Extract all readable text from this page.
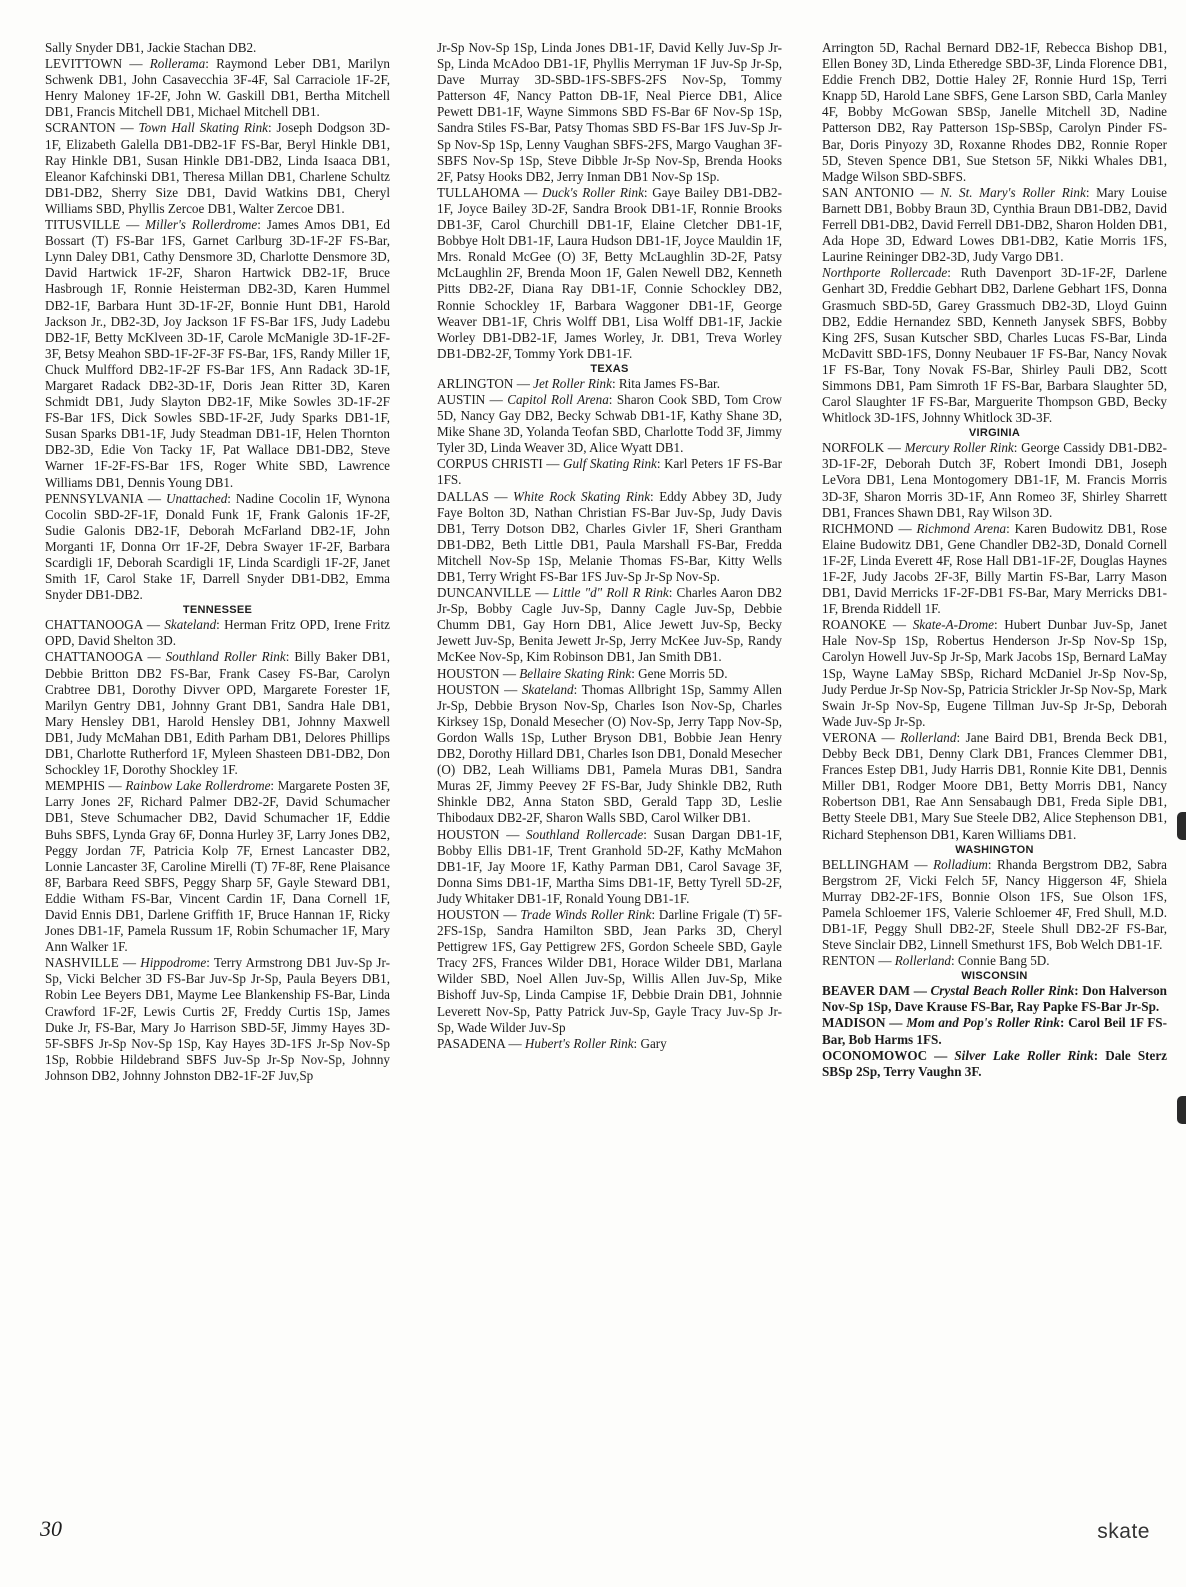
Sally Snyder DB1, Jackie Stachan DB2.

LEVITTOWN — Rollerama: Raymond Leber DB1, Marilyn Schwenk DB1, John Casavecchia 3F-4F, Sal Carraciole 1F-2F, Henry Maloney 1F-2F, John W. Gaskill DB1, Bertha Mitchell DB1, Francis Mitchell DB1, Michael Mitchell DB1.

SCRANTON — Town Hall Skating Rink: Joseph Dodgson 3D-1F, Elizabeth Galella DB1-DB2-1F FS-Bar, Beryl Hinkle DB1, Ray Hinkle DB1, Susan Hinkle DB1-DB2, Linda Isaaca DB1, Eleanor Kafchinski DB1, Theresa Millan DB1, Charlene Schultz DB1-DB2, Sherry Size DB1, David Watkins DB1, Cheryl Williams SBD, Phyllis Zercoe DB1, Walter Zercoe DB1.

TITUSVILLE — Miller's Rollerdrome: James Amos DB1, Ed Bossart (T) FS-Bar 1FS, Garnet Carlburg 3D-1F-2F FS-Bar, Lynn Daley DB1, Cathy Densmore 3D, Charlotte Densmore 3D, David Hartwick 1F-2F, Sharon Hartwick DB2-1F, Bruce Hasbrough 1F, Ronnie Heisterman DB2-3D, Karen Hummel DB2-1F, Barbara Hunt 3D-1F-2F, Bonnie Hunt DB1, Harold Jackson Jr., DB2-3D, Joy Jackson 1F FS-Bar 1FS, Judy Ladebu DB2-1F, Betty McKlveen 3D-1F, Carole McManigle 3D-1F-2F-3F, Betsy Meahon SBD-1F-2F-3F FS-Bar, 1FS, Randy Miller 1F, Chuck Mulfford DB2-1F-2F FS-Bar 1FS, Ann Radack 3D-1F, Margaret Radack DB2-3D-1F, Doris Jean Ritter 3D, Karen Schmidt DB1, Judy Slayton DB2-1F, Mike Sowles 3D-1F-2F FS-Bar 1FS, Dick Sowles SBD-1F-2F, Judy Sparks DB1-1F, Susan Sparks DB1-1F, Judy Steadman DB1-1F, Helen Thornton DB2-3D, Edie Von Tacky 1F, Pat Wallace DB1-DB2, Steve Warner 1F-2F-FS-Bar 1FS, Roger White SBD, Lawrence Williams DB1, Dennis Young DB1.

PENNSYLVANIA — Unattached: Nadine Cocolin 1F, Wynona Cocolin SBD-2F-1F, Donald Funk 1F, Frank Galonis 1F-2F, Sudie Galonis DB2-1F, Deborah McFarland DB2-1F, John Morganti 1F, Donna Orr 1F-2F, Debra Swayer 1F-2F, Barbara Scardigli 1F, Deborah Scardigli 1F, Linda Scardigli 1F-2F, Janet Smith 1F, Carol Stake 1F, Darrell Snyder DB1-DB2, Emma Snyder DB1-DB2.

TENNESSEE

CHATTANOOGA — Skateland: Herman Fritz OPD, Irene Fritz OPD, David Shelton 3D.

CHATTANOOGA — Southland Roller Rink: Billy Baker DB1, Debbie Britton DB2 FS-Bar, Frank Casey FS-Bar, Carolyn Crabtree DB1, Dorothy Divver OPD, Margarete Forester 1F, Marilyn Gentry DB1, Johnny Grant DB1, Sandra Hale DB1, Mary Hensley DB1, Harold Hensley DB1, Johnny Maxwell DB1, Judy McMahan DB1, Edith Parham DB1, Delores Phillips DB1, Charlotte Rutherford 1F, Myleen Shasteen DB1-DB2, Don Schockley 1F, Dorothy Shockley 1F.

MEMPHIS — Rainbow Lake Rollerdrome: Margarete Posten 3F, Larry Jones 2F, Richard Palmer DB2-2F, David Schumacher DB1, Steve Schumacher DB2, David Schumacher 1F, Eddie Buhs SBFS, Lynda Gray 6F, Donna Hurley 3F, Larry Jones DB2, Peggy Jordan 7F, Patricia Kolp 7F, Ernest Lancaster DB2, Lonnie Lancaster 3F, Caroline Mirelli (T) 7F-8F, Rene Plaisance 8F, Barbara Reed SBFS, Peggy Sharp 5F, Gayle Steward DB1, Eddie Witham FS-Bar, Vincent Cardin 1F, Dana Cornell 1F, David Ennis DB1, Darlene Griffith 1F, Bruce Hannan 1F, Ricky Jones DB1-1F, Pamela Russum 1F, Robin Schumacher 1F, Mary Ann Walker 1F.

NASHVILLE — Hippodrome: Terry Armstrong DB1 Juv-Sp Jr-Sp, Vicki Belcher 3D FS-Bar Juv-Sp Jr-Sp, Paula Beyers DB1, Robin Lee Beyers DB1, Mayme Lee Blankenship FS-Bar, Linda Crawford 1F-2F, Lewis Curtis 2F, Freddy Curtis 1Sp, James Duke Jr, FS-Bar, Mary Jo Harrison SBD-5F, Jimmy Hayes 3D-5F-SBFS Jr-Sp Nov-Sp 1Sp, Kay Hayes 3D-1FS Jr-Sp Nov-Sp 1Sp, Robbie Hildebrand SBFS Juv-Sp Jr-Sp Nov-Sp, Johnny Johnson DB2, Johnny Johnston DB2-1F-2F Juv,Sp

Jr-Sp Nov-Sp 1Sp, Linda Jones DB1-1F, David Kelly Juv-Sp Jr-Sp, Linda McAdoo DB1-1F, Phyllis Merryman 1F Juv-Sp Jr-Sp, Dave Murray 3D-SBD-1FS-SBFS-2FS Nov-Sp, Tommy Patterson 4F, Nancy Patton DB-1F, Neal Pierce DB1, Alice Pewett DB1-1F, Wayne Simmons SBD FS-Bar 6F Nov-Sp 1Sp, Sandra Stiles FS-Bar, Patsy Thomas SBD FS-Bar 1FS Juv-Sp Jr-Sp Nov-Sp 1Sp, Lenny Vaughan SBFS-2FS, Margo Vaughan 3F-SBFS Nov-Sp 1Sp, Steve Dibble Jr-Sp Nov-Sp, Brenda Hooks 2F, Patsy Hooks DB2, Jerry Inman DB1 Nov-Sp 1Sp.

TULLAHOMA — Duck's Roller Rink: Gaye Bailey DB1-DB2-1F, Joyce Bailey 3D-2F, Sandra Brook DB1-1F, Ronnie Brooks DB1-3F, Carol Churchill DB1-1F, Elaine Cletcher DB1-1F, Bobbye Holt DB1-1F, Laura Hudson DB1-1F, Joyce Mauldin 1F, Mrs. Ronald McGee (O) 3F, Betty McLaughlin 3D-2F, Patsy McLaughlin 2F, Brenda Moon 1F, Galen Newell DB2, Kenneth Pitts DB2-2F, Diana Ray DB1-1F, Connie Schockley DB2, Ronnie Schockley 1F, Barbara Waggoner DB1-1F, George Weaver DB1-1F, Chris Wolff DB1, Lisa Wolff DB1-1F, Jackie Worley DB1-DB2-1F, James Worley, Jr. DB1, Treva Worley DB1-DB2-2F, Tommy York DB1-1F.

TEXAS

ARLINGTON — Jet Roller Rink: Rita James FS-Bar.

AUSTIN — Capitol Roll Arena: Sharon Cook SBD, Tom Crow 5D, Nancy Gay DB2, Becky Schwab DB1-1F, Kathy Shane 3D, Mike Shane 3D, Yolanda Teofan SBD, Charlotte Todd 3F, Jimmy Tyler 3D, Linda Weaver 3D, Alice Wyatt DB1.

CORPUS CHRISTI — Gulf Skating Rink: Karl Peters 1F FS-Bar 1FS.

DALLAS — White Rock Skating Rink: Eddy Abbey 3D, Judy Faye Bolton 3D, Nathan Christian FS-Bar Juv-Sp, Judy Davis DB1, Terry Dotson DB2, Charles Givler 1F, Sheri Grantham DB1-DB2, Beth Little DB1, Paula Marshall FS-Bar, Fredda Mitchell Nov-Sp 1Sp, Melanie Thomas FS-Bar, Kitty Wells DB1, Terry Wright FS-Bar 1FS Juv-Sp Jr-Sp Nov-Sp.

DUNCANVILLE — Little "d" Roll R Rink: Charles Aaron DB2 Jr-Sp, Bobby Cagle Juv-Sp, Danny Cagle Juv-Sp, Debbie Chumm DB1, Gay Horn DB1, Alice Jewett Juv-Sp, Becky Jewett Juv-Sp, Benita Jewett Jr-Sp, Jerry McKee Juv-Sp, Randy McKee Nov-Sp, Kim Robinson DB1, Jan Smith DB1.

HOUSTON — Bellaire Skating Rink: Gene Morris 5D.

HOUSTON — Skateland: Thomas Allbright 1Sp, Sammy Allen Jr-Sp, Debbie Bryson Nov-Sp, Charles Ison Nov-Sp, Charles Kirksey 1Sp, Donald Mesecher (O) Nov-Sp, Jerry Tapp Nov-Sp, Gordon Walls 1Sp, Luther Bryson DB1, Bobbie Jean Henry DB2, Dorothy Hillard DB1, Charles Ison DB1, Donald Mesecher (O) DB2, Leah Williams DB1, Pamela Muras DB1, Sandra Muras 2F, Jimmy Peevey 2F FS-Bar, Judy Shinkle DB2, Ruth Shinkle DB2, Anna Staton SBD, Gerald Tapp 3D, Leslie Thibodaux DB2-2F, Sharon Walls SBD, Carol Wilker DB1.

HOUSTON — Southland Rollercade: Susan Dargan DB1-1F, Bobby Ellis DB1-1F, Trent Granhold 5D-2F, Kathy McMahon DB1-1F, Jay Moore 1F, Kathy Parman DB1, Carol Savage 3F, Donna Sims DB1-1F, Martha Sims DB1-1F, Betty Tyrell 5D-2F, Judy Whitaker DB1-1F, Ronald Young DB1-1F.

HOUSTON — Trade Winds Roller Rink: Darline Frigale (T) 5F-2FS-1Sp, Sandra Hamilton SBD, Jean Parks 3D, Cheryl Pettigrew 1FS, Gay Pettigrew 2FS, Gordon Scheele SBD, Gayle Tracy 2FS, Frances Wilder DB1, Horace Wilder DB1, Marlana Wilder SBD, Noel Allen Juv-Sp, Willis Allen Juv-Sp, Mike Bishoff Juv-Sp, Linda Campise 1F, Debbie Drain DB1, Johnnie Leverett Nov-Sp, Patty Patrick Juv-Sp, Gayle Tracy Juv-Sp Jr-Sp, Wade Wilder Juv-Sp

PASADENA — Hubert's Roller Rink: Gary

Arrington 5D, Rachal Bernard DB2-1F, Rebecca Bishop DB1, Ellen Boney 3D, Linda Etheredge SBD-3F, Linda Florence DB1, Eddie French DB2, Dottie Haley 2F, Ronnie Hurd 1Sp, Terri Knapp 5D, Harold Lane SBFS, Gene Larson SBD, Carla Manley 4F, Bobby McGowan SBSp, Janelle Mitchell 3D, Nadine Patterson DB2, Ray Patterson 1Sp-SBSp, Carolyn Pinder FS-Bar, Doris Pinyozy 3D, Roxanne Rhodes DB2, Ronnie Roper 5D, Steven Spence DB1, Sue Stetson 5F, Nikki Whales DB1, Madge Wilson SBD-SBFS.

SAN ANTONIO — N. St. Mary's Roller Rink: Mary Louise Barnett DB1, Bobby Braun 3D, Cynthia Braun DB1-DB2, David Ferrell DB1-DB2, David Ferrell DB1-DB2, Sharon Holden DB1, Ada Hope 3D, Edward Lowes DB1-DB2, Katie Morris 1FS, Laurine Reininger DB2-3D, Judy Vargo DB1.

Northporte Rollercade: Ruth Davenport 3D-1F-2F, Darlene Genhart 3D, Freddie Gebhart DB2, Darlene Gebhart 1FS, Donna Grasmuch SBD-5D, Garey Grassmuch DB2-3D, Lloyd Guinn DB2, Eddie Hernandez SBD, Kenneth Janysek SBFS, Bobby King 2FS, Susan Kutscher SBD, Charles Lucas FS-Bar, Linda McDavitt SBD-1FS, Donny Neubauer 1F FS-Bar, Nancy Novak 1F FS-Bar, Tony Novak FS-Bar, Shirley Pauli DB2, Scott Simmons DB1, Pam Simroth 1F FS-Bar, Barbara Slaughter 5D, Carol Slaughter 1F FS-Bar, Marguerite Thompson GBD, Becky Whitlock 3D-1FS, Johnny Whitlock 3D-3F.

VIRGINIA

NORFOLK — Mercury Roller Rink: George Cassidy DB1-DB2-3D-1F-2F, Deborah Dutch 3F, Robert Imondi DB1, Joseph LeVora DB1, Lena Montogomery DB1-1F, M. Francis Morris 3D-3F, Sharon Morris 3D-1F, Ann Romeo 3F, Shirley Sharrett DB1, Frances Shawn DB1, Ray Wilson 3D.

RICHMOND — Richmond Arena: Karen Budowitz DB1, Rose Elaine Budowitz DB1, Gene Chandler DB2-3D, Donald Cornell 1F-2F, Linda Everett 4F, Rose Hall DB1-1F-2F, Douglas Haynes 1F-2F, Judy Jacobs 2F-3F, Billy Martin FS-Bar, Larry Mason DB1, David Merricks 1F-2F-DB1 FS-Bar, Mary Merricks DB1-1F, Brenda Riddell 1F.

ROANOKE — Skate-A-Drome: Hubert Dunbar Juv-Sp, Janet Hale Nov-Sp 1Sp, Robertus Henderson Jr-Sp Nov-Sp 1Sp, Carolyn Howell Juv-Sp Jr-Sp, Mark Jacobs 1Sp, Bernard LaMay 1Sp, Wayne LaMay SBSp, Richard McDaniel Jr-Sp Nov-Sp, Judy Perdue Jr-Sp Nov-Sp, Patricia Strickler Jr-Sp Nov-Sp, Mark Swain Jr-Sp Nov-Sp, Eugene Tillman Juv-Sp Jr-Sp, Deborah Wade Juv-Sp Jr-Sp.

VERONA — Rollerland: Jane Baird DB1, Brenda Beck DB1, Debby Beck DB1, Denny Clark DB1, Frances Clemmer DB1, Frances Estep DB1, Judy Harris DB1, Ronnie Kite DB1, Dennis Miller DB1, Rodger Moore DB1, Betty Morris DB1, Nancy Robertson DB1, Rae Ann Sensabaugh DB1, Freda Siple DB1, Betty Steele DB1, Mary Sue Steele DB2, Alice Stephenson DB1, Richard Stephenson DB1, Karen Williams DB1.

WASHINGTON

BELLINGHAM — Rolladium: Rhanda Bergstrom DB2, Sabra Bergstrom 2F, Vicki Felch 5F, Nancy Higgerson 4F, Shiela Murray DB2-2F-1FS, Bonnie Olson 1FS, Sue Olson 1FS, Pamela Schloemer 1FS, Valerie Schloemer 4F, Fred Shull, M.D. DB1-1F, Peggy Shull DB2-2F, Steele Shull DB2-2F FS-Bar, Steve Sinclair DB2, Linnell Smethurst 1FS, Bob Welch DB1-1F.

RENTON — Rollerland: Connie Bang 5D.

WISCONSIN

BEAVER DAM — Crystal Beach Roller Rink: Don Halverson Nov-Sp 1Sp, Dave Krause FS-Bar, Ray Papke FS-Bar Jr-Sp.

MADISON — Mom and Pop's Roller Rink: Carol Beil 1F FS-Bar, Bob Harms 1FS.

OCONOMOWOC — Silver Lake Roller Rink: Dale Sterz SBSp 2Sp, Terry Vaughn 3F.

30	skate
